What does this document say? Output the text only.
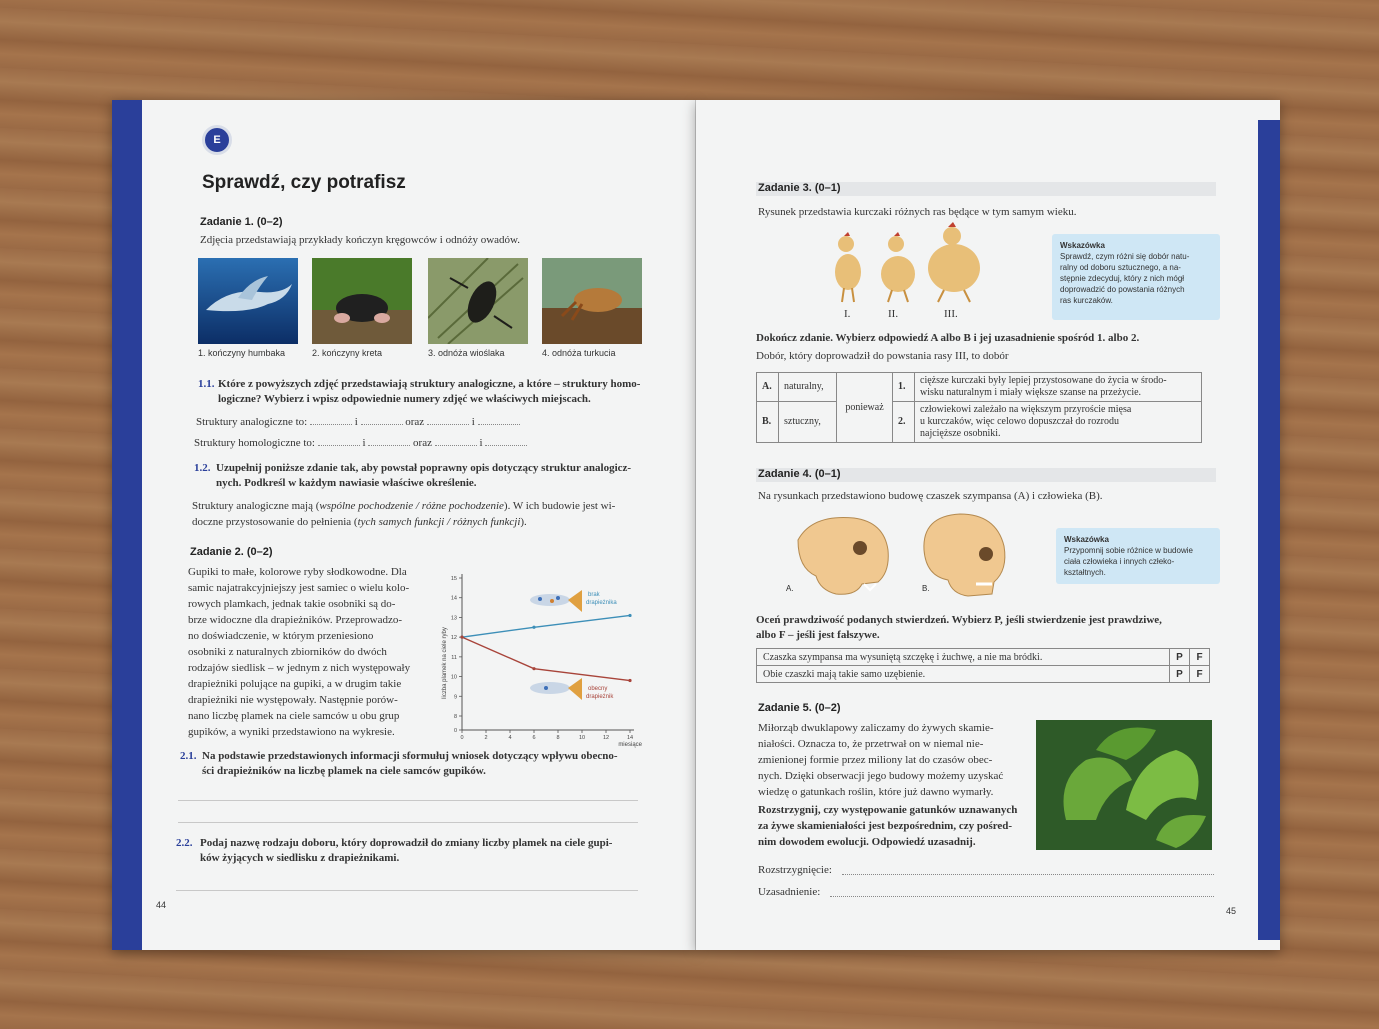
E
Sprawdź, czy potrafisz
Zadanie 1. (0–2)
Zdjęcia przedstawiają przykłady kończyn kręgowców i odnóży owadów.
1. kończyny humbaka	2. kończyny kreta	3. odnóża wioślaka	4. odnóża turkucia
1.1. Które z powyższych zdjęć przedstawiają struktury analogiczne, a które – struktury homo-
logiczne? Wybierz i wpisz odpowiednie numery zdjęć we właściwych miejscach.
Struktury analogiczne to:	i	oraz	i
Struktury homologiczne to:	i	oraz	i
1.2. Uzupełnij poniższe zdanie tak, aby powstał poprawny opis dotyczący struktur analogicz-
nych. Podkreśl w każdym nawiasie właściwe określenie.
Struktury analogiczne mają (wspólne pochodzenie / różne pochodzenie). W ich budowie jest wi-
doczne przystosowanie do pełnienia (tych samych funkcji / różnych funkcji).
Zadanie 2. (0–2)
Gupiki to małe, kolorowe ryby słodkowodne. Dla
samic najatrakcyjniejszy jest samiec o wielu kolo-
rowych plamkach, jednak takie osobniki są do-
brze widoczne dla drapieżników. Przeprowadzo-
no doświadczenie, w którym przeniesiono
osobniki z naturalnych zbiorników do dwóch
rodzajów siedlisk – w jednym z nich występowały
drapieżniki polujące na gupiki, a w drugim takie
drapieżniki nie występowały. Następnie porów-
nano liczbę plamek na ciele samców u obu grup
gupików, a wyniki przedstawiono na wykresie.	0
8
9
10
11
12
13
14
15
0	2	4	6	8	10	12	14
liczba plamek na ciele ryby
miesiące
brak
drapieżnika
obecny
drapieżnik
2.1. Na podstawie przedstawionych informacji sformułuj wniosek dotyczący wpływu obecno-
ści drapieżników na liczbę plamek na ciele samców gupików.
2.2. Podaj nazwę rodzaju doboru, który doprowadził do zmiany liczby plamek na ciele gupi-
ków żyjących w siedlisku z drapieżnikami.
44
Zadanie 3. (0–1)
Rysunek przedstawia kurczaki różnych ras będące w tym samym wieku.
I.	II.	III.
Wskazówka
Sprawdź, czym różni się dobór natu-
ralny od doboru sztucznego, a na-
stępnie zdecyduj, który z nich mógł
doprowadzić do powstania różnych
ras kurczaków.
Dokończ zdanie. Wybierz odpowiedź A albo B i jej uzasadnienie spośród 1. albo 2.
Dobór, który doprowadził do powstania rasy III, to dobór
A.	naturalny,	ponieważ	1.	cięższe kurczaki były lepiej przystosowane do życia w środo-
wisku naturalnym i miały większe szanse na przeżycie.

B.	sztuczny,		2.	człowiekowi zależało na większym przyroście mięsa
u kurczaków, więc celowo dopuszczał do rozrodu
najcięższe osobniki.
Zadanie 4. (0–1)
Na rysunkach przedstawiono budowę czaszek szympansa (A) i człowieka (B).
A.	B.
Wskazówka
Przypomnij sobie różnice w budowie
ciała człowieka i innych człeko-
kształtnych.
Oceń prawdziwość podanych stwierdzeń. Wybierz P, jeśli stwierdzenie jest prawdziwe,
albo F – jeśli jest fałszywe.
Czaszka szympansa ma wysuniętą szczękę i żuchwę, a nie ma bródki.	P	F
Obie czaszki mają takie samo uzębienie.	P	F
Zadanie 5. (0–2)
Miłorząb dwuklapowy zaliczamy do żywych skamie-
niałości. Oznacza to, że przetrwał on w niemal nie-
zmienionej formie przez miliony lat do czasów obec-
nych. Dzięki obserwacji jego budowy możemy uzyskać
wiedzę o gatunkach roślin, które już dawno wymarły.
Rozstrzygnij, czy występowanie gatunków uznawanych
za żywe skamieniałości jest bezpośrednim, czy pośred-
nim dowodem ewolucji. Odpowiedź uzasadnij.
Rozstrzygnięcie:
Uzasadnienie:
45
